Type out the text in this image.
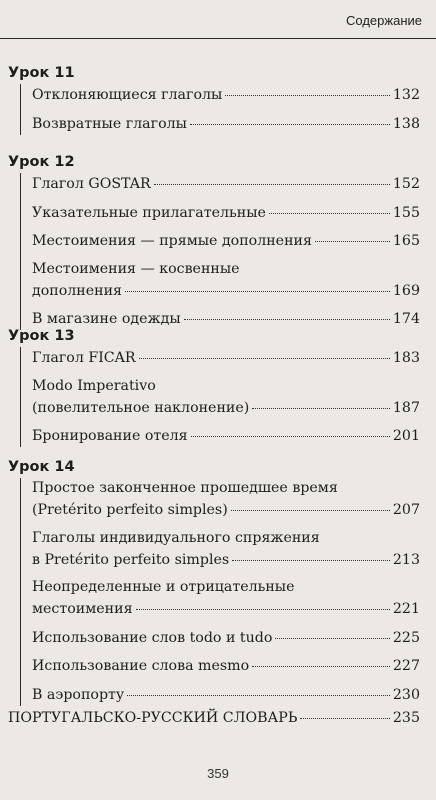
Содержание
Урок 11
Отклоняющиеся глаголы	132
Возвратные глаголы	138
Урок 12
Глагол GOSTAR	152
Указательные прилагательные	155
Местоимения — прямые дополнения	165
Местоимения — косвенные
дополнения	169
В магазине одежды	174
Урок 13
Глагол FICAR	183
Modo Imperativo
(повелительное наклонение)	187
Бронирование отеля	201
Урок 14
Простое законченное прошедшее время
(Pretérito perfeito simples)	207
Глаголы индивидуального спряжения
в Pretérito perfeito simples	213
Неопределенные и отрицательные
местоимения	221
Использование слов todo и tudo	225
Использование слова mesmo	227
В аэропорту	230
ПОРТУГАЛЬСКО-РУССКИЙ СЛОВАРЬ	235
359
